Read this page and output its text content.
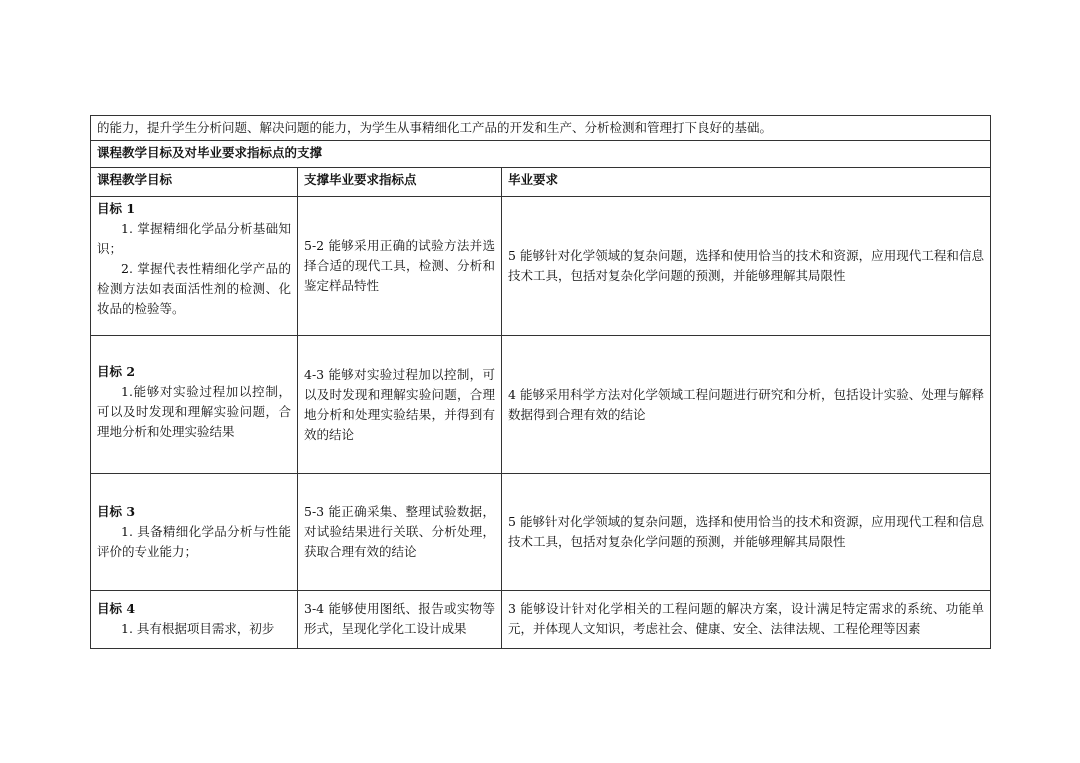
的能力，提升学生分析问题、解决问题的能力，为学生从事精细化工产品的开发和生产、分析检测和管理打下良好的基础。		
课程教学目标及对毕业要求指标点的支撑		
课程教学目标	支撑毕业要求指标点	毕业要求

目标 1
1. 掌握精细化学品分析基础知识；
2. 掌握代表性精细化学产品的检测方法如表面活性剂的检测、化妆品的检验等。	5-2 能够采用正确的试验方法并选择合适的现代工具，检测、分析和鉴定样品特性	5 能够针对化学领域的复杂问题，选择和使用恰当的技术和资源，应用现代工程和信息技术工具，包括对复杂化学问题的预测，并能够理解其局限性

目标 2
1.能够对实验过程加以控制，可以及时发现和理解实验问题，合理地分析和处理实验结果	4-3 能够对实验过程加以控制，可以及时发现和理解实验问题，合理地分析和处理实验结果，并得到有效的结论	4 能够采用科学方法对化学领域工程问题进行研究和分析，包括设计实验、处理与解释数据得到合理有效的结论

目标 3
1. 具备精细化学品分析与性能评价的专业能力；	5-3 能正确采集、整理试验数据，对试验结果进行关联、分析处理，获取合理有效的结论	5 能够针对化学领域的复杂问题，选择和使用恰当的技术和资源，应用现代工程和信息技术工具，包括对复杂化学问题的预测，并能够理解其局限性

目标 4
1. 具有根据项目需求，初步	3-4 能够使用图纸、报告或实物等形式，呈现化学化工设计成果	3 能够设计针对化学相关的工程问题的解决方案，设计满足特定需求的系统、功能单元，并体现人文知识，考虑社会、健康、安全、法律法规、工程伦理等因素
